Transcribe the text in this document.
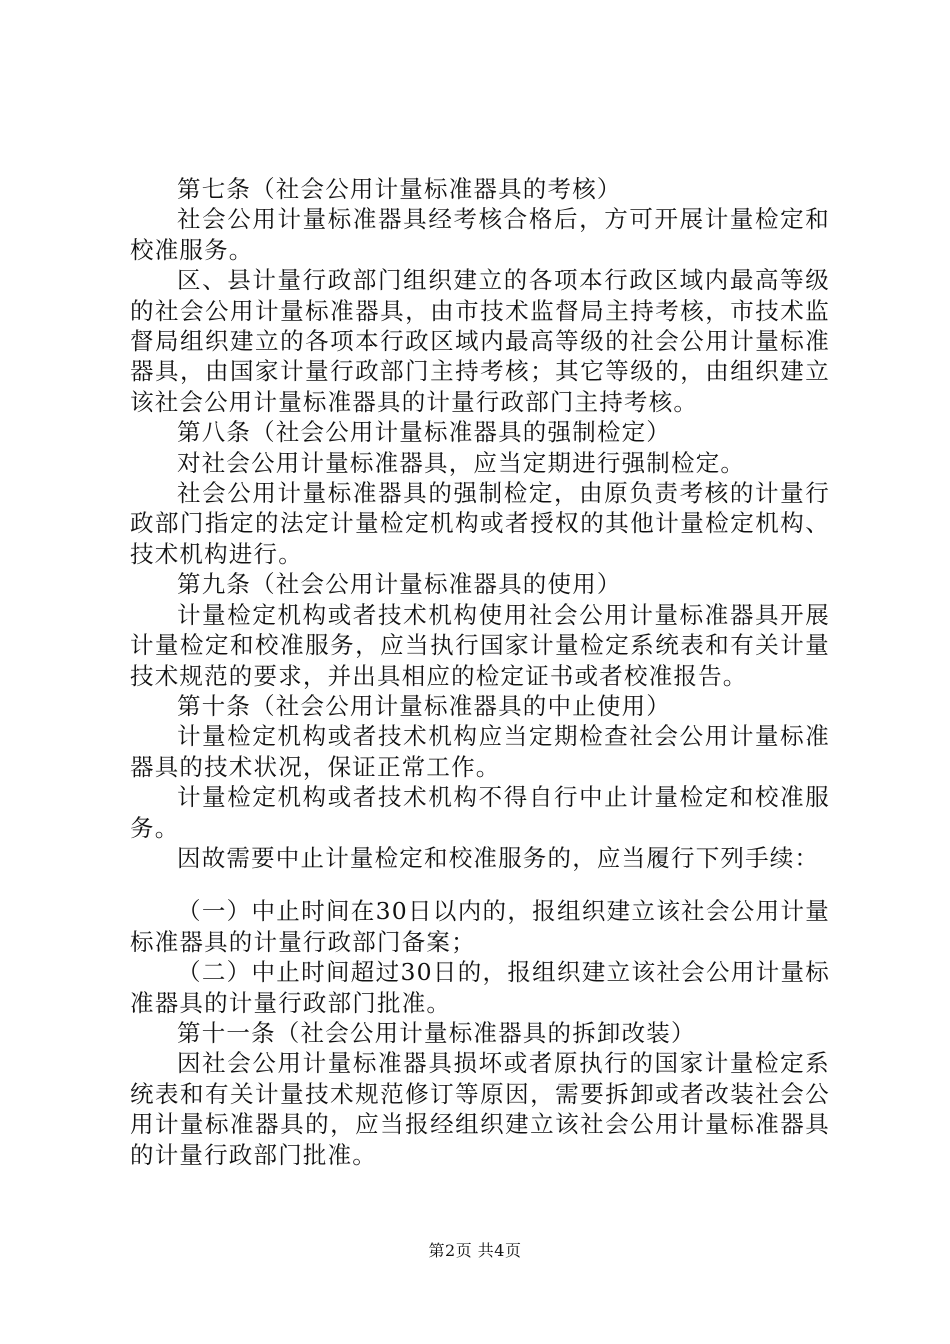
第七条（社会公用计量标准器具的考核）

社会公用计量标准器具经考核合格后，方可开展计量检定和校准服务。

区、县计量行政部门组织建立的各项本行政区域内最高等级的社会公用计量标准器具，由市技术监督局主持考核，市技术监督局组织建立的各项本行政区域内最高等级的社会公用计量标准器具，由国家计量行政部门主持考核；其它等级的，由组织建立该社会公用计量标准器具的计量行政部门主持考核。

第八条（社会公用计量标准器具的强制检定）

对社会公用计量标准器具，应当定期进行强制检定。

社会公用计量标准器具的强制检定，由原负责考核的计量行政部门指定的法定计量检定机构或者授权的其他计量检定机构、技术机构进行。

第九条（社会公用计量标准器具的使用）

计量检定机构或者技术机构使用社会公用计量标准器具开展计量检定和校准服务，应当执行国家计量检定系统表和有关计量技术规范的要求，并出具相应的检定证书或者校准报告。

第十条（社会公用计量标准器具的中止使用）

计量检定机构或者技术机构应当定期检查社会公用计量标准器具的技术状况，保证正常工作。

计量检定机构或者技术机构不得自行中止计量检定和校准服务。

因故需要中止计量检定和校准服务的，应当履行下列手续：

（一）中止时间在30日以内的，报组织建立该社会公用计量标准器具的计量行政部门备案；

（二）中止时间超过30日的，报组织建立该社会公用计量标准器具的计量行政部门批准。

第十一条（社会公用计量标准器具的拆卸改装）

因社会公用计量标准器具损坏或者原执行的国家计量检定系统表和有关计量技术规范修订等原因，需要拆卸或者改装社会公用计量标准器具的，应当报经组织建立该社会公用计量标准器具的计量行政部门批准。

第2页 共4页
